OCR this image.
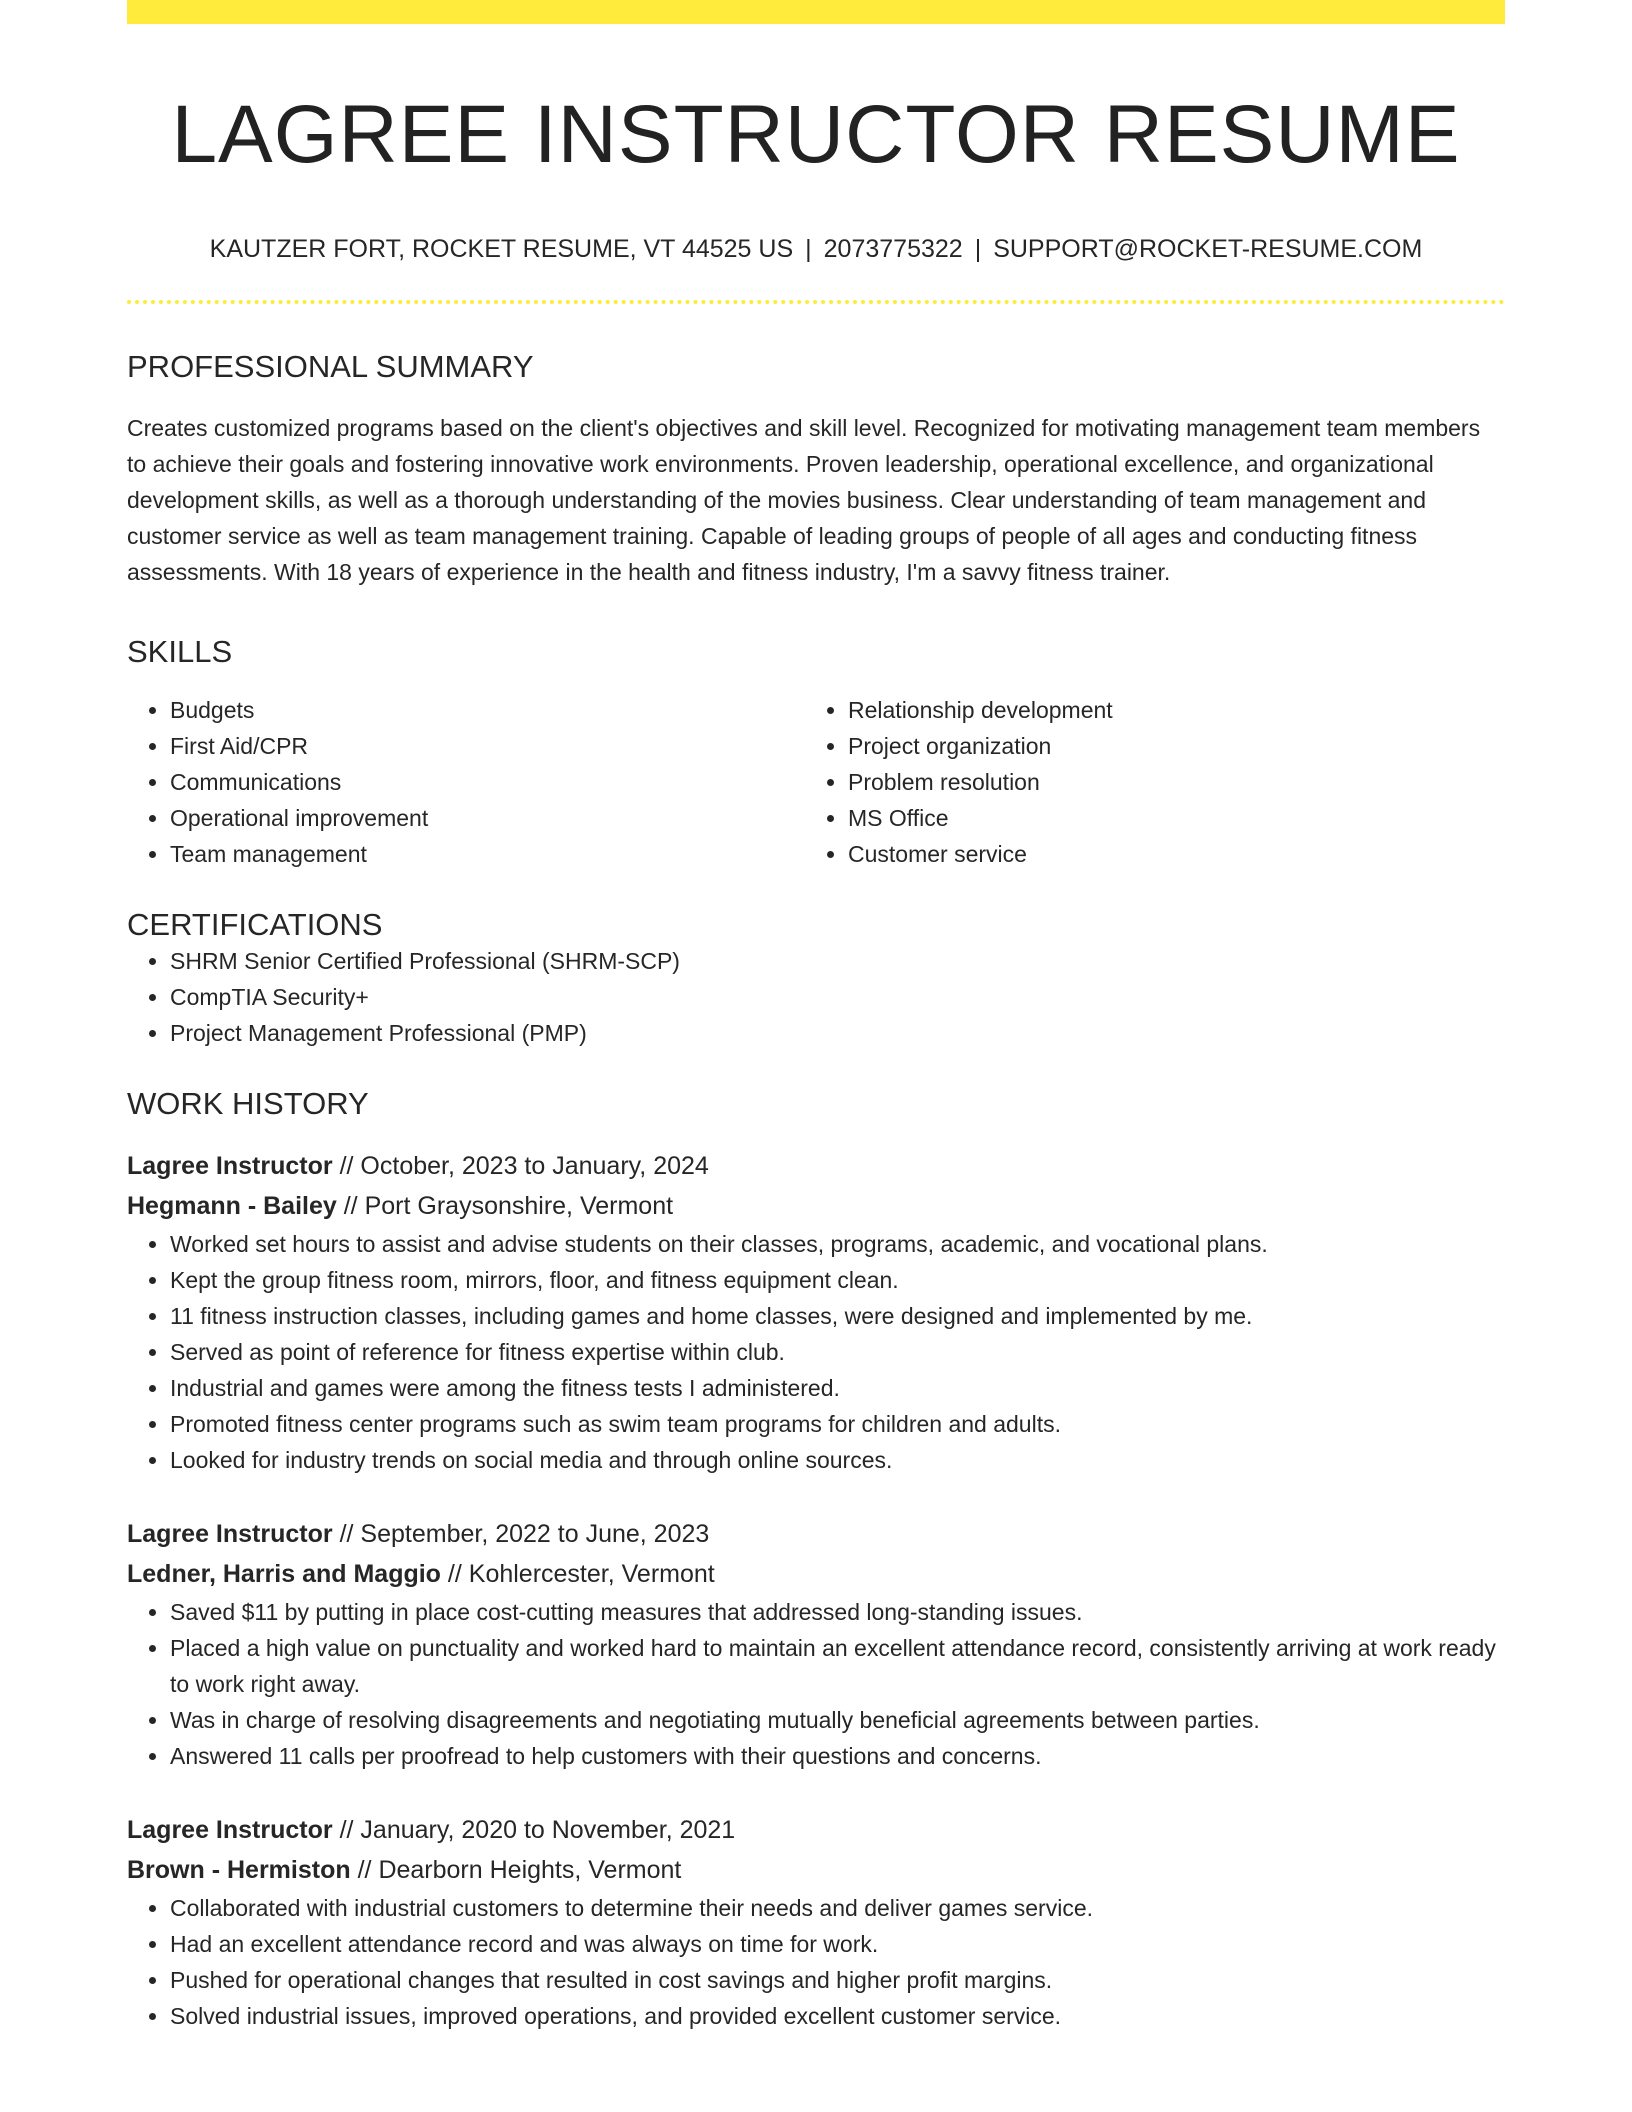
LAGREE INSTRUCTOR RESUME
KAUTZER FORT, ROCKET RESUME, VT 44525 US | 2073775322 | SUPPORT@ROCKET-RESUME.COM
PROFESSIONAL SUMMARY

Creates customized programs based on the client's objectives and skill level. Recognized for motivating management team members to achieve their goals and fostering innovative work environments. Proven leadership, operational excellence, and organizational development skills, as well as a thorough understanding of the movies business. Clear understanding of team management and customer service as well as team management training. Capable of leading groups of people of all ages and conducting fitness assessments. With 18 years of experience in the health and fitness industry, I'm a savvy fitness trainer.

SKILLS
• Budgets
• First Aid/CPR
• Communications
• Operational improvement
• Team management
• Relationship development
• Project organization
• Problem resolution
• MS Office
• Customer service
CERTIFICATIONS
• SHRM Senior Certified Professional (SHRM-SCP)
• CompTIA Security+
• Project Management Professional (PMP)
WORK HISTORY
Lagree Instructor // October, 2023 to January, 2024
Hegmann - Bailey // Port Graysonshire, Vermont
• Worked set hours to assist and advise students on their classes, programs, academic, and vocational plans.
• Kept the group fitness room, mirrors, floor, and fitness equipment clean.
• 11 fitness instruction classes, including games and home classes, were designed and implemented by me.
• Served as point of reference for fitness expertise within club.
• Industrial and games were among the fitness tests I administered.
• Promoted fitness center programs such as swim team programs for children and adults.
• Looked for industry trends on social media and through online sources.
Lagree Instructor // September, 2022 to June, 2023
Ledner, Harris and Maggio // Kohlercester, Vermont
• Saved $11 by putting in place cost-cutting measures that addressed long-standing issues.
• Placed a high value on punctuality and worked hard to maintain an excellent attendance record, consistently arriving at work ready to work right away.
• Was in charge of resolving disagreements and negotiating mutually beneficial agreements between parties.
• Answered 11 calls per proofread to help customers with their questions and concerns.
Lagree Instructor // January, 2020 to November, 2021
Brown - Hermiston // Dearborn Heights, Vermont
• Collaborated with industrial customers to determine their needs and deliver games service.
• Had an excellent attendance record and was always on time for work.
• Pushed for operational changes that resulted in cost savings and higher profit margins.
• Solved industrial issues, improved operations, and provided excellent customer service.
